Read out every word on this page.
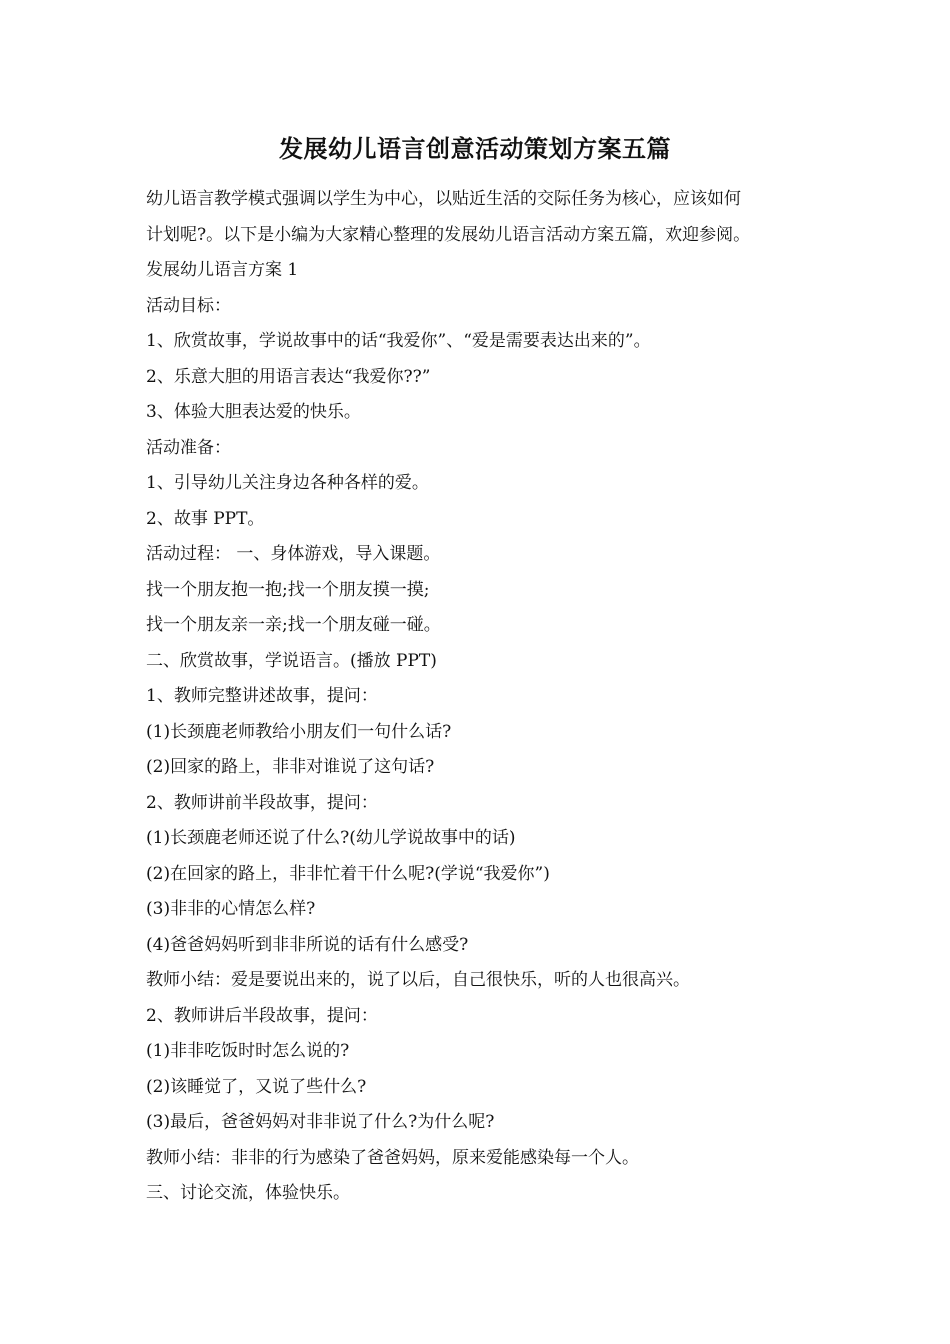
发展幼儿语言创意活动策划方案五篇
幼儿语言教学模式强调以学生为中心，以贴近生活的交际任务为核心，应该如何
计划呢?。以下是小编为大家精心整理的发展幼儿语言活动方案五篇，欢迎参阅。
发展幼儿语言方案 1
活动目标：
1、欣赏故事，学说故事中的话“我爱你”、“爱是需要表达出来的”。
2、乐意大胆的用语言表达“我爱你??”
3、体验大胆表达爱的快乐。
活动准备：
1、引导幼儿关注身边各种各样的爱。
2、故事 PPT。
活动过程： 一、身体游戏，导入课题。
找一个朋友抱一抱;找一个朋友摸一摸;
找一个朋友亲一亲;找一个朋友碰一碰。
二、欣赏故事，学说语言。(播放 PPT)
1、教师完整讲述故事，提问：
(1)长颈鹿老师教给小朋友们一句什么话?
(2)回家的路上，非非对谁说了这句话?
2、教师讲前半段故事，提问：
(1)长颈鹿老师还说了什么?(幼儿学说故事中的话)
(2)在回家的路上，非非忙着干什么呢?(学说“我爱你”)
(3)非非的心情怎么样?
(4)爸爸妈妈听到非非所说的话有什么感受?
教师小结：爱是要说出来的，说了以后，自己很快乐，听的人也很高兴。
2、教师讲后半段故事，提问：
(1)非非吃饭时时怎么说的?
(2)该睡觉了，又说了些什么?
(3)最后，爸爸妈妈对非非说了什么?为什么呢?
教师小结：非非的行为感染了爸爸妈妈，原来爱能感染每一个人。
三、讨论交流，体验快乐。
